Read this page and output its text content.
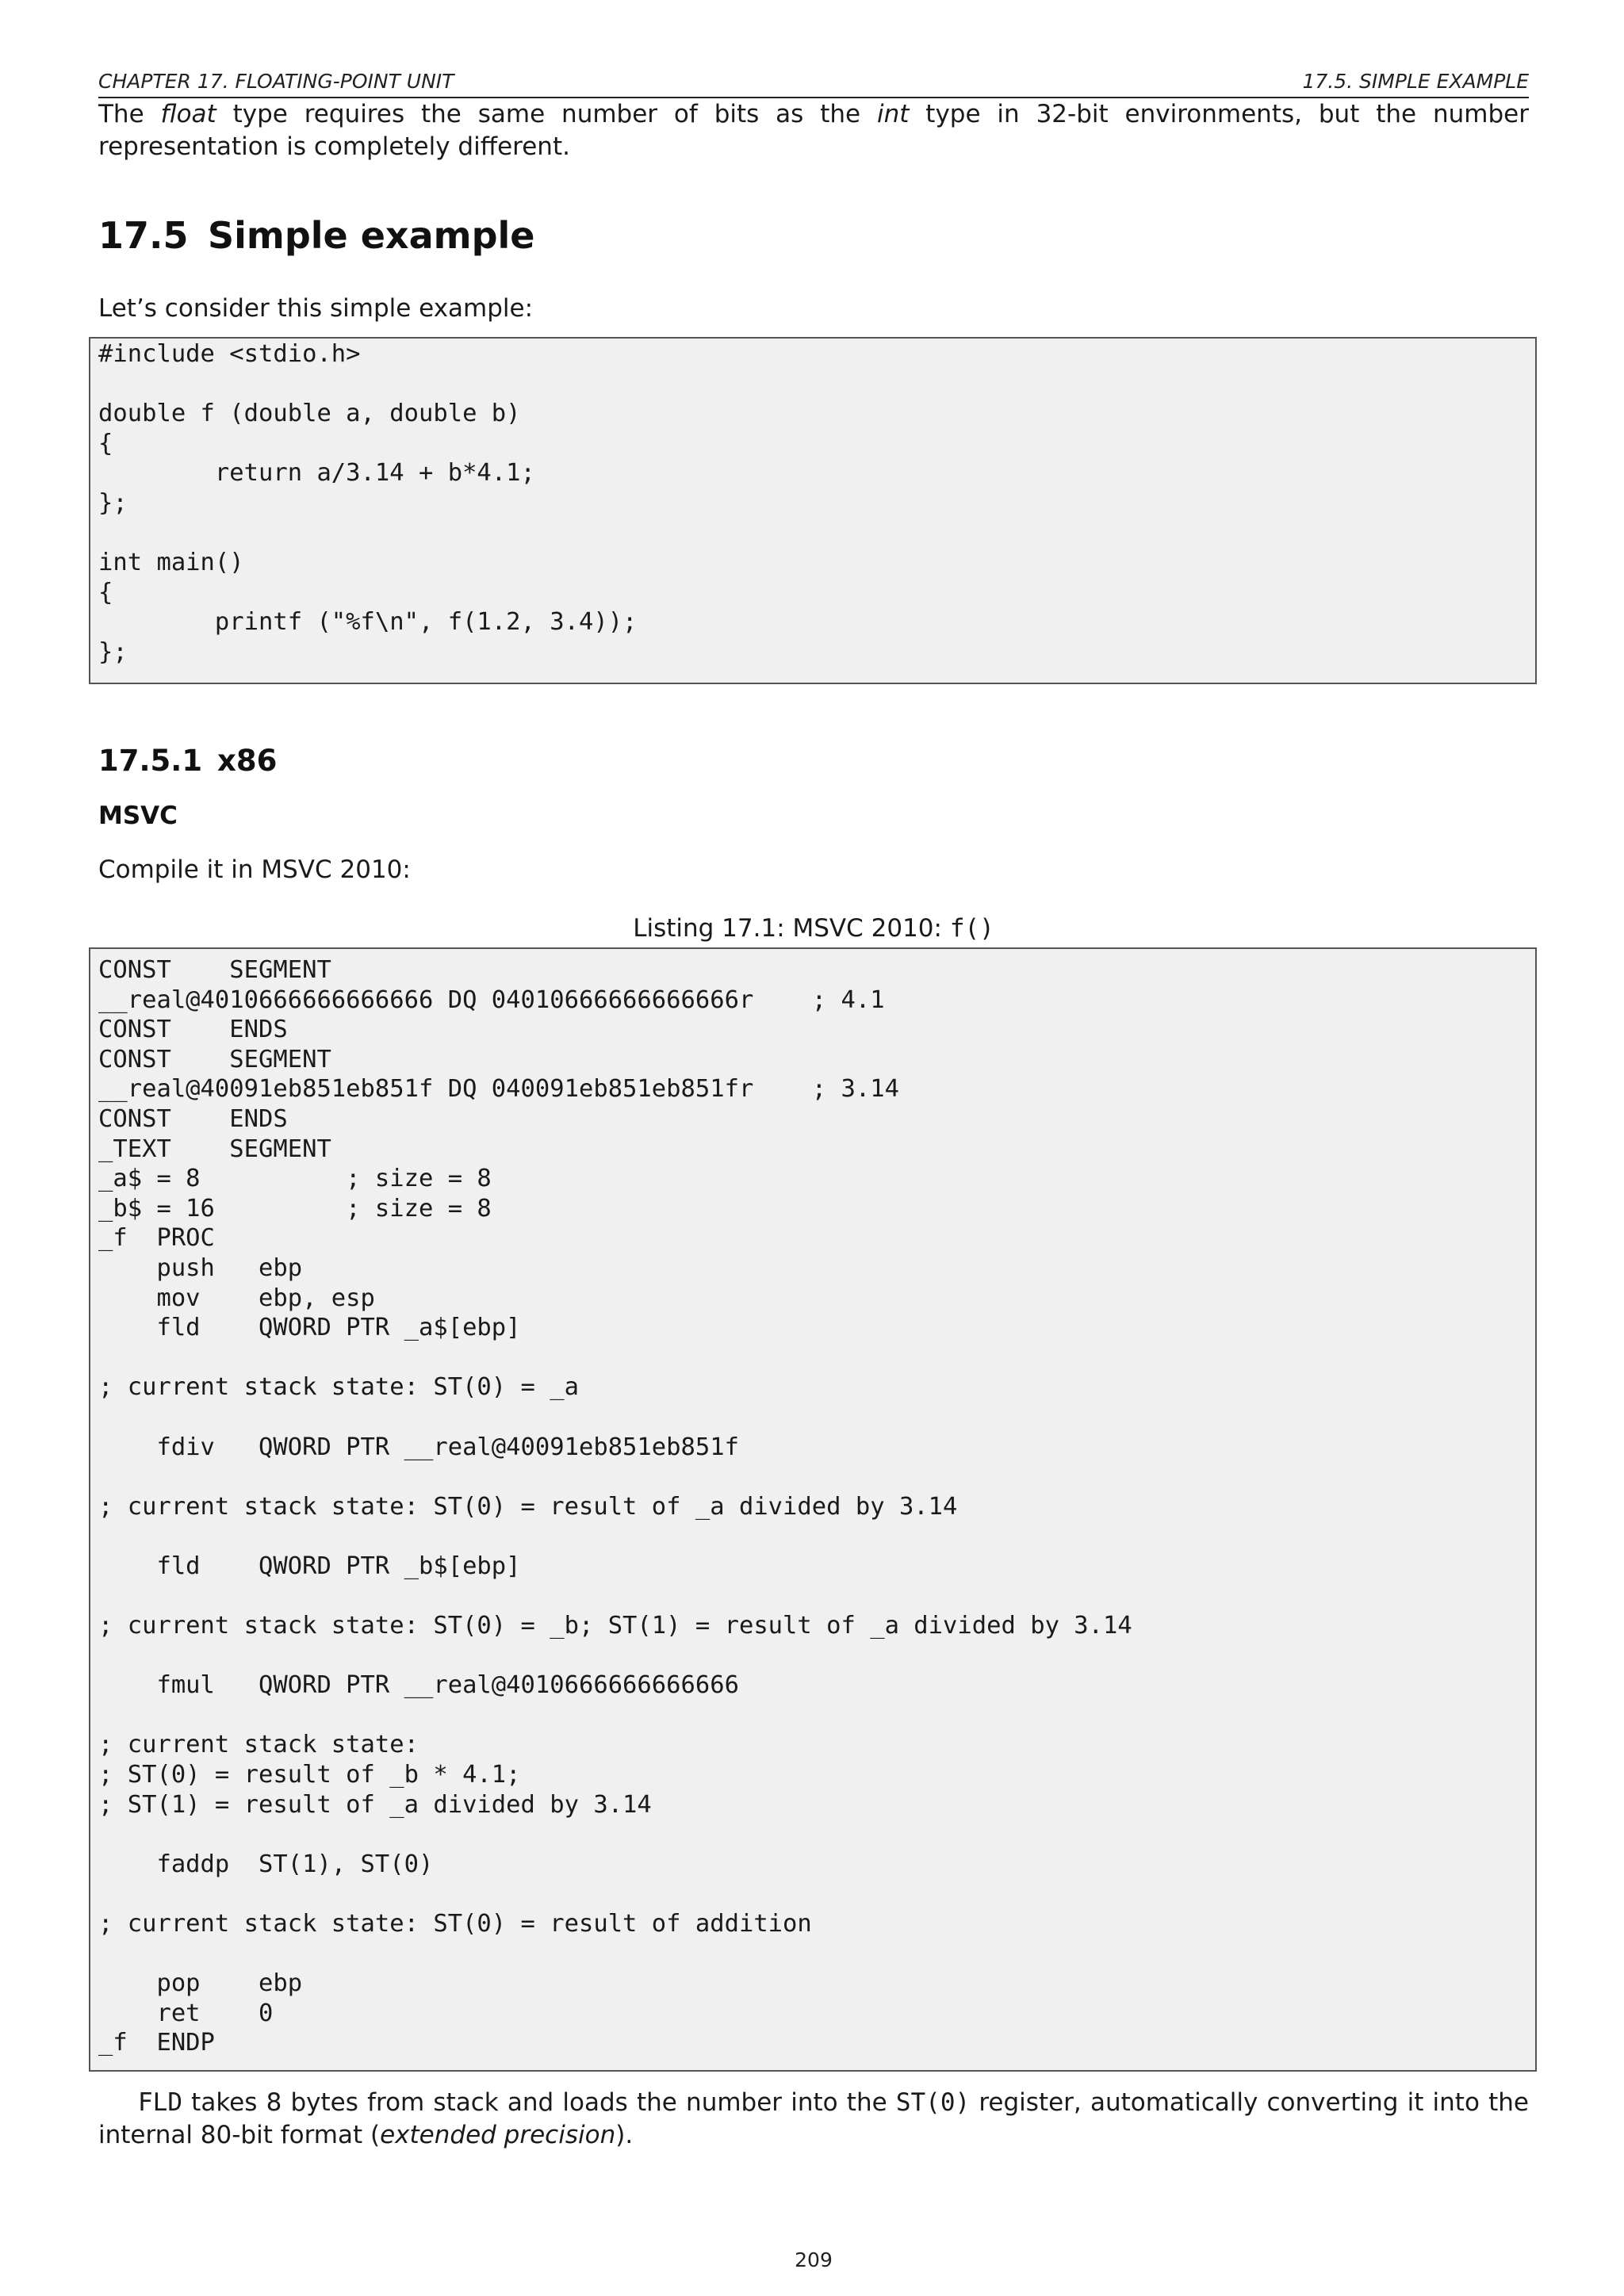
CHAPTER 17. FLOATING-POINT UNIT	17.5. SIMPLE EXAMPLE
The float type requires the same number of bits as the int type in 32-bit environments, but the number representation is completely different.
17.5 Simple example
Let’s consider this simple example:
#include <stdio.h>

double f (double a, double b)
{
return a/3.14 + b*4.1;
};

int main()
{
printf ("%f\n", f(1.2, 3.4));
};
17.5.1 x86
MSVC
Compile it in MSVC 2010:
Listing 17.1: MSVC 2010: f()
CONST    SEGMENT
__real@4010666666666666 DQ 04010666666666666r    ; 4.1
CONST    ENDS
CONST    SEGMENT
__real@40091eb851eb851f DQ 040091eb851eb851fr    ; 3.14
CONST    ENDS
_TEXT    SEGMENT
_a$ = 8          ; size = 8
_b$ = 16         ; size = 8
_f  PROC
push   ebp
mov    ebp, esp
fld    QWORD PTR _a$[ebp]

; current stack state: ST(0) = _a

fdiv   QWORD PTR __real@40091eb851eb851f

; current stack state: ST(0) = result of _a divided by 3.14

fld    QWORD PTR _b$[ebp]

; current stack state: ST(0) = _b; ST(1) = result of _a divided by 3.14

fmul   QWORD PTR __real@4010666666666666

; current stack state:
; ST(0) = result of _b * 4.1;
; ST(1) = result of _a divided by 3.14

faddp  ST(1), ST(0)

; current stack state: ST(0) = result of addition

pop    ebp
ret    0
_f  ENDP
FLD takes 8 bytes from stack and loads the number into the ST(0) register, automatically converting it into the internal 80-bit format (extended precision).
209
